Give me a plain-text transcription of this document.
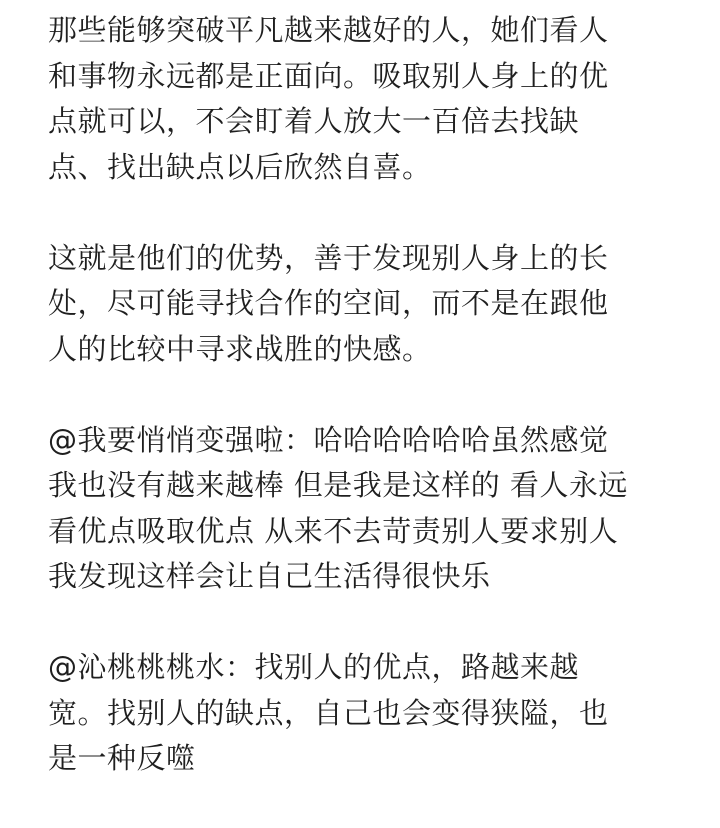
那些能够突破平凡越来越好的人，她们看人
和事物永远都是正面向。吸取别人身上的优
点就可以，不会盯着人放大一百倍去找缺
点、找出缺点以后欣然自喜。

这就是他们的优势，善于发现别人身上的长
处，尽可能寻找合作的空间，而不是在跟他
人的比较中寻求战胜的快感。

@我要悄悄变强啦：哈哈哈哈哈哈虽然感觉
我也没有越来越棒 但是我是这样的 看人永远
看优点吸取优点 从来不去苛责别人要求别人
我发现这样会让自己生活得很快乐

@沁桃桃桃水：找别人的优点，路越来越
宽。找别人的缺点，自己也会变得狭隘，也
是一种反噬
